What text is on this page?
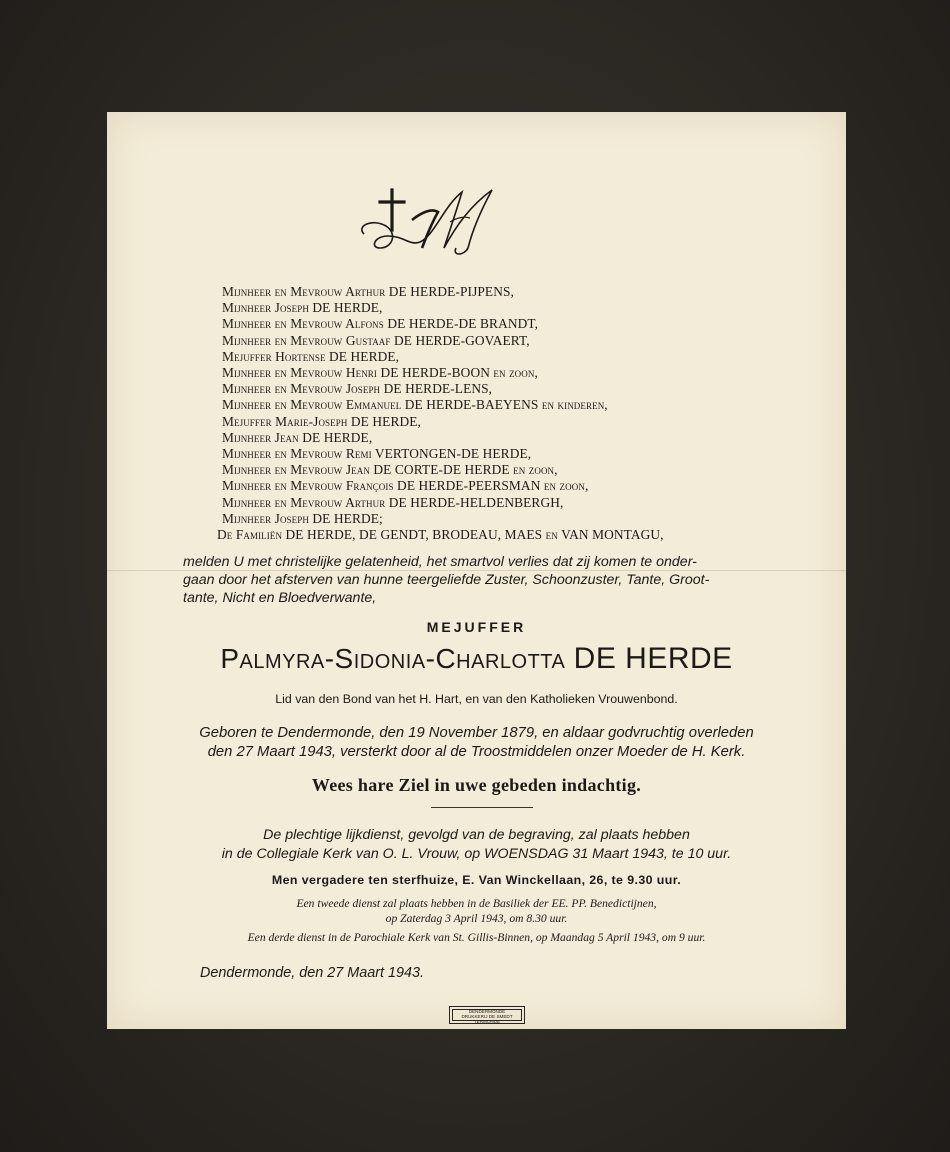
Mijnheer en Mevrouw Arthur DE HERDE-PIJPENS,
Mijnheer Joseph DE HERDE,
Mijnheer en Mevrouw Alfons DE HERDE-DE BRANDT,
Mijnheer en Mevrouw Gustaaf DE HERDE-GOVAERT,
Mejuffer Hortense DE HERDE,
Mijnheer en Mevrouw Henri DE HERDE-BOON en zoon,
Mijnheer en Mevrouw Joseph DE HERDE-LENS,
Mijnheer en Mevrouw Emmanuel DE HERDE-BAEYENS en kinderen,
Mejuffer Marie-Joseph DE HERDE,
Mijnheer Jean DE HERDE,
Mijnheer en Mevrouw Remi VERTONGEN-DE HERDE,
Mijnheer en Mevrouw Jean DE CORTE-DE HERDE en zoon,
Mijnheer en Mevrouw François DE HERDE-PEERSMAN en zoon,
Mijnheer en Mevrouw Arthur DE HERDE-HELDENBERGH,
Mijnheer Joseph DE HERDE;
De Familiën DE HERDE, DE GENDT, BRODEAU, MAES en VAN MONTAGU,
melden U met christelijke gelatenheid, het smartvol verlies dat zij komen te onder-
gaan door het afsterven van hunne teergeliefde Zuster, Schoonzuster, Tante, Groot-
tante, Nicht en Bloedverwante,
MEJUFFER
Palmyra-Sidonia-Charlotta DE HERDE
Lid van den Bond van het H. Hart, en van den Katholieken Vrouwenbond.
Geboren te Dendermonde, den 19 November 1879, en aldaar godvruchtig overleden
den 27 Maart 1943, versterkt door al de Troostmiddelen onzer Moeder de H. Kerk.
Wees hare Ziel in uwe gebeden indachtig.
De plechtige lijkdienst, gevolgd van de begraving, zal plaats hebben
in de Collegiale Kerk van O. L. Vrouw, op WOENSDAG 31 Maart 1943, te 10 uur.
Men vergadere ten sterfhuize, E. Van Winckellaan, 26, te 9.30 uur.
Een tweede dienst zal plaats hebben in de Basiliek der EE. PP. Benedictijnen,
op Zaterdag 3 April 1943, om 8.30 uur.
Een derde dienst in de Parochiale Kerk van St. Gillis-Binnen, op Maandag 5 April 1943, om 9 uur.
Dendermonde, den 27 Maart 1943.
DENDERMONDE
DRUKKERIJ DE SMEDT
TERMONDE
